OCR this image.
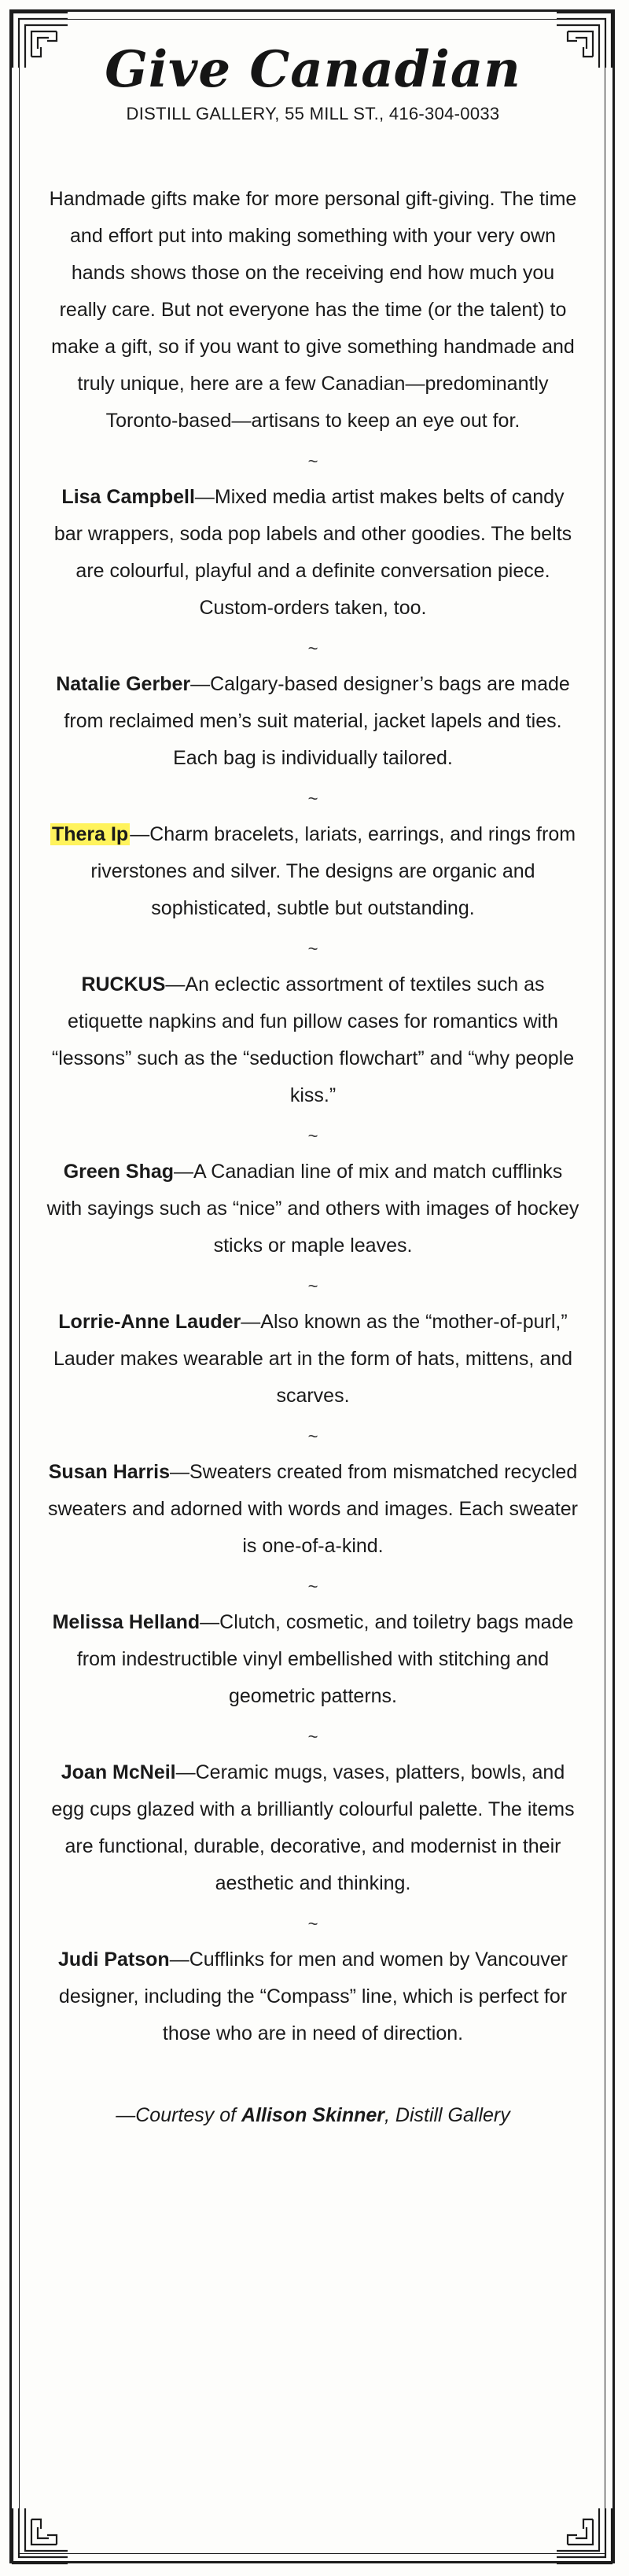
Give Canadian
DISTILL GALLERY, 55 MILL ST., 416-304-0033

Handmade gifts make for more personal gift-giving. The time and effort put into making something with your very own hands shows those on the receiving end how much you really care. But not everyone has the time (or the talent) to make a gift, so if you want to give something handmade and truly unique, here are a few Canadian—predominantly Toronto-based—artisans to keep an eye out for.

~

Lisa Campbell—Mixed media artist makes belts of candy bar wrappers, soda pop labels and other goodies. The belts are colourful, playful and a definite conversation piece. Custom-orders taken, too.

~

Natalie Gerber—Calgary-based designer’s bags are made from reclaimed men’s suit material, jacket lapels and ties. Each bag is individually tailored.

~

Thera Ip—Charm bracelets, lariats, earrings, and rings from riverstones and silver. The designs are organic and sophisticated, subtle but outstanding.

~

RUCKUS—An eclectic assortment of textiles such as etiquette napkins and fun pillow cases for romantics with “lessons” such as the “seduction flowchart” and “why people kiss.”

~

Green Shag—A Canadian line of mix and match cufflinks with sayings such as “nice” and others with images of hockey sticks or maple leaves.

~

Lorrie-Anne Lauder—Also known as the “mother-of-purl,” Lauder makes wearable art in the form of hats, mittens, and scarves.

~

Susan Harris—Sweaters created from mismatched recycled sweaters and adorned with words and images. Each sweater is one-of-a-kind.

~

Melissa Helland—Clutch, cosmetic, and toiletry bags made from indestructible vinyl embellished with stitching and geometric patterns.

~

Joan McNeil—Ceramic mugs, vases, platters, bowls, and egg cups glazed with a brilliantly colourful palette. The items are functional, durable, decorative, and modernist in their aesthetic and thinking.

~

Judi Patson—Cufflinks for men and women by Vancouver designer, including the “Compass” line, which is perfect for those who are in need of direction.

—Courtesy of Allison Skinner, Distill Gallery
